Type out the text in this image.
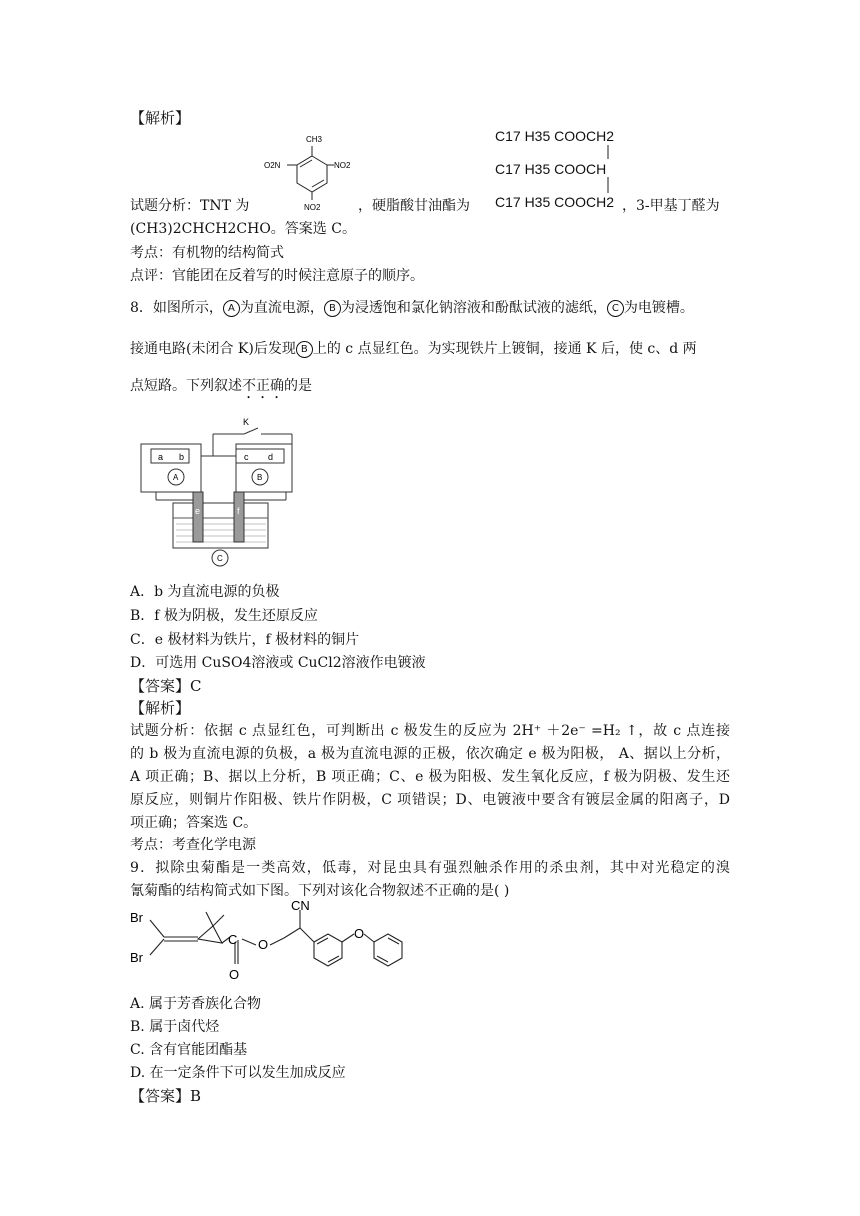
【解析】
CH3
O2N	NO2
NO2
C17 H35 COOCH2
C17 H35 COOCH
C17 H35 COOCH2
试题分析：TNT 为	，硬脂酸甘油酯为	，3-甲基丁醛为
(CH3)2CHCH2CHO。答案选 C。
考点：有机物的结构简式
点评：官能团在反着写的时候注意原子的顺序。
8．如图所示， A 为直流电源， B 为浸透饱和氯化钠溶液和酚酞试液的滤纸， C 为电镀槽。
接通电路(未闭合 K)后发现 B 上的 c 点显红色。为实现铁片上镀铜，接通 K 后，使 c、d 两
点短路。下列叙述不正确的是
K
a b	c d
A	B
C
e	f
A．b 为直流电源的负极
B．f 极为阴极，发生还原反应
C．e 极材料为铁片，f 极材料的铜片
D．可选用 CuSO4溶液或 CuCl2溶液作电镀液
【答案】C
【解析】
试题分析：依据 c 点显红色，可判断出 c 极发生的反应为 2H⁺ ＋2e⁻ =H₂ ↑，故 c 点连接
的 b 极为直流电源的负极，a 极为直流电源的正极，依次确定 e 极为阳极， A、据以上分析，
A 项正确；B、据以上分析，B 项正确；C、e 极为阳极、发生氧化反应，f 极为阴极、发生还
原反应，则铜片作阳极、铁片作阴极，C 项错误；D、电镀液中要含有镀层金属的阳离子，D
项正确；答案选 C。
考点：考查化学电源
9．拟除虫菊酯是一类高效，低毒，对昆虫具有强烈触杀作用的杀虫剂，其中对光稳定的溴
氰菊酯的结构简式如下图。下列对该化合物叙述不正确的是( )
Br
Br
CN
C O
O
O
A. 属于芳香族化合物
B. 属于卤代烃
C. 含有官能团酯基
D. 在一定条件下可以发生加成反应
【答案】B
